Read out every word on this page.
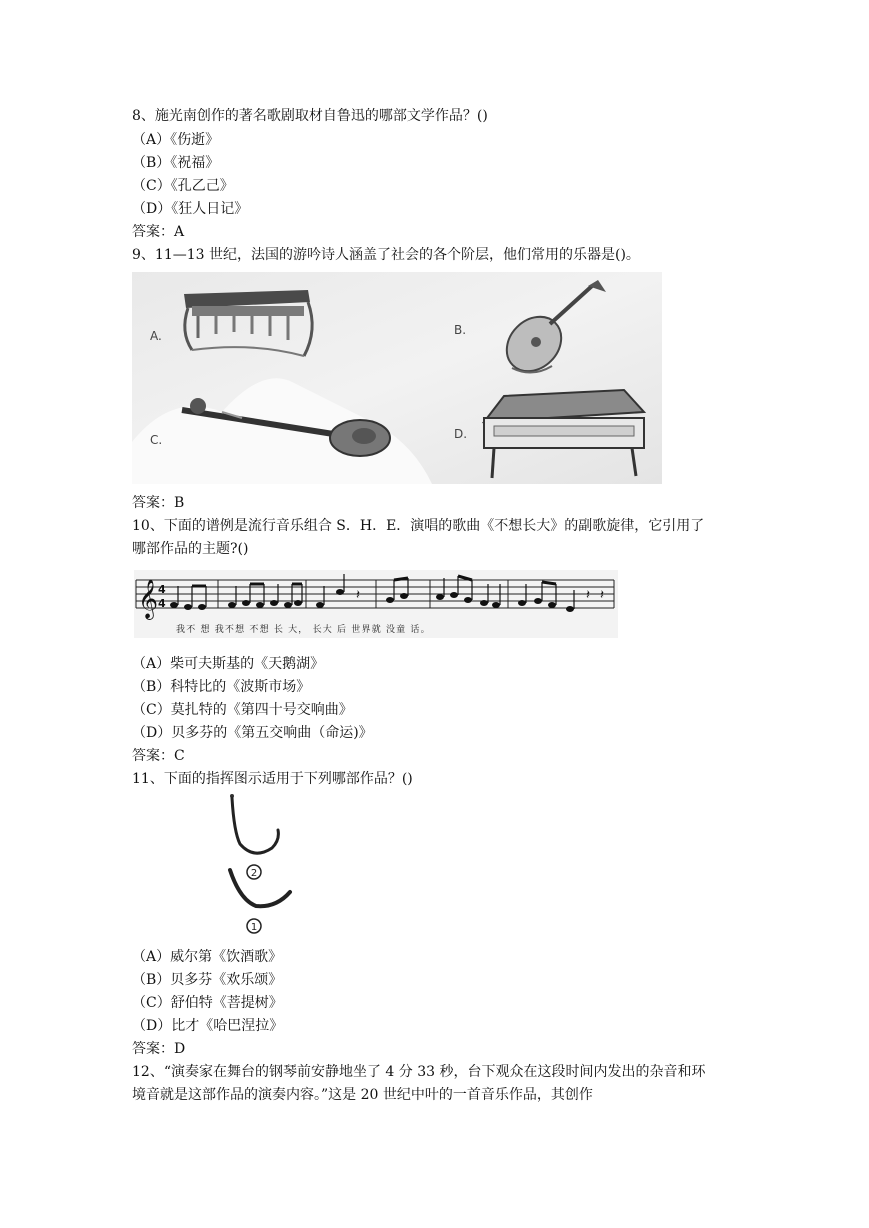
8、施光南创作的著名歌剧取材自鲁迅的哪部文学作品？()
（A）《伤逝》
（B）《祝福》
（C）《孔乙己》
（D）《狂人日记》
答案：A
9、11—13 世纪，法国的游吟诗人涵盖了社会的各个阶层，他们常用的乐器是()。
A.	B.
C.	D.
答案：B
10、下面的谱例是流行音乐组合 S．H．E．演唱的歌曲《不想长大》的副歌旋律，它引用了
哪部作品的主题?()
𝄞 4
4
𝄽	𝄽 𝄽
我不 想 我不想 不想 长 大， 长大 后 世界就 没童 话。
（A）柴可夫斯基的《天鹅湖》
（B）科特比的《波斯市场》
（C）莫扎特的《第四十号交响曲》
（D）贝多芬的《第五交响曲（命运)》
答案：C
11、下面的指挥图示适用于下列哪部作品？()
2
1
（A）威尔第《饮酒歌》
（B）贝多芬《欢乐颂》
（C）舒伯特《菩提树》
（D）比才《哈巴涅拉》
答案：D
12、“演奏家在舞台的钢琴前安静地坐了 4 分 33 秒，台下观众在这段时间内发出的杂音和环
境音就是这部作品的演奏内容。”这是 20 世纪中叶的一首音乐作品，其创作
